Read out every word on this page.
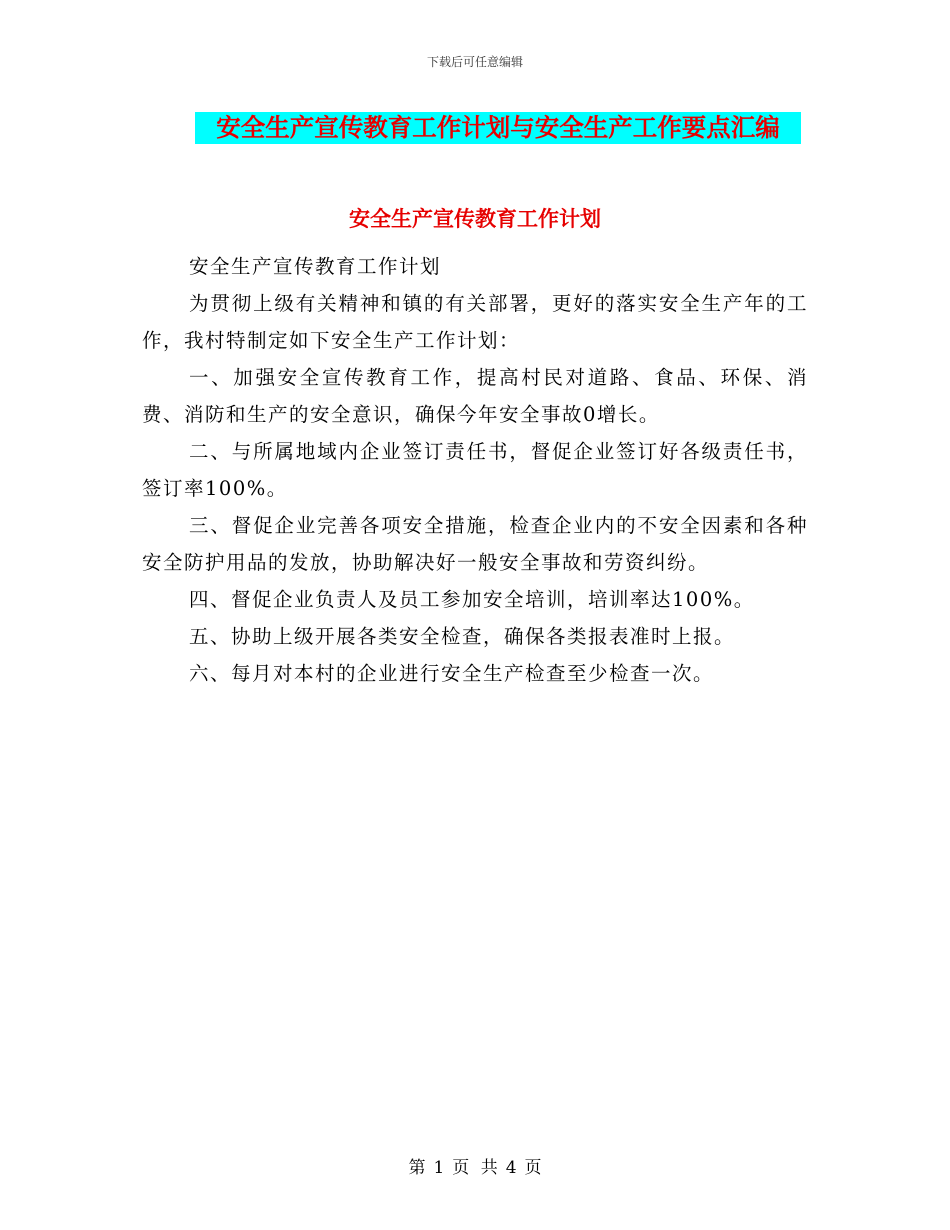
下载后可任意编辑
安全生产宣传教育工作计划与安全生产工作要点汇编
安全生产宣传教育工作计划

安全生产宣传教育工作计划

为贯彻上级有关精神和镇的有关部署，更好的落实安全生产年的工作，我村特制定如下安全生产工作计划：

一、加强安全宣传教育工作，提高村民对道路、食品、环保、消费、消防和生产的安全意识，确保今年安全事故0增长。

二、与所属地域内企业签订责任书，督促企业签订好各级责任书，签订率100%。

三、督促企业完善各项安全措施，检查企业内的不安全因素和各种安全防护用品的发放，协助解决好一般安全事故和劳资纠纷。

四、督促企业负责人及员工参加安全培训，培训率达100%。

五、协助上级开展各类安全检查，确保各类报表准时上报。

六、每月对本村的企业进行安全生产检查至少检查一次。

第 1 页 共 4 页
